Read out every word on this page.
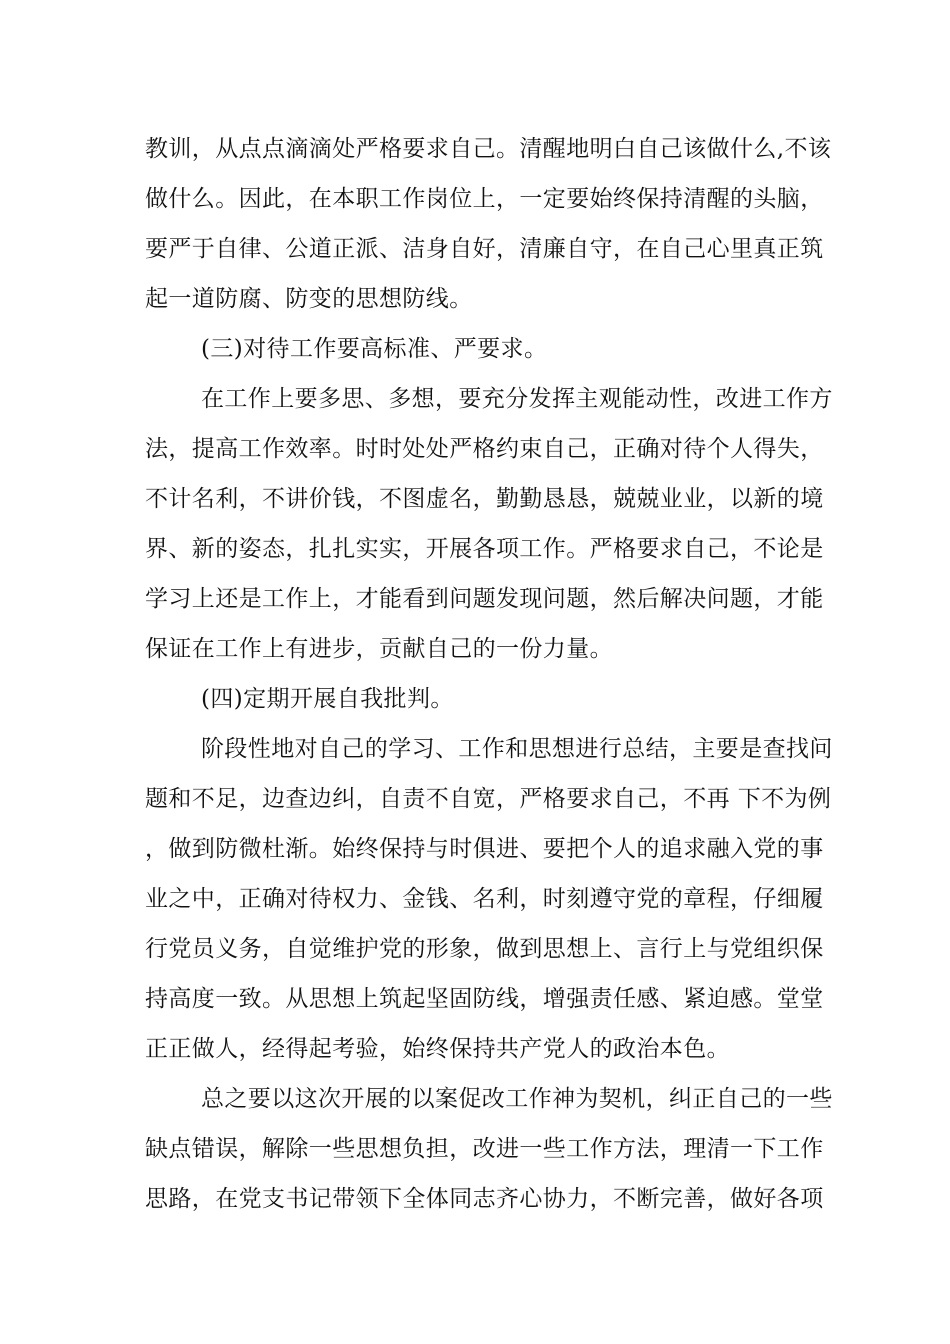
教训，从点点滴滴处严格要求自己。清醒地明白自己该做什么,不该
做什么。因此，在本职工作岗位上，一定要始终保持清醒的头脑，
要严于自律、公道正派、洁身自好，清廉自守，在自己心里真正筑
起一道防腐、防变的思想防线。
(三)对待工作要高标准、严要求。
在工作上要多思、多想，要充分发挥主观能动性，改进工作方
法，提高工作效率。时时处处严格约束自己，正确对待个人得失，
不计名利，不讲价钱，不图虚名，勤勤恳恳，兢兢业业，以新的境
界、新的姿态，扎扎实实，开展各项工作。严格要求自己，不论是
学习上还是工作上，才能看到问题发现问题，然后解决问题，才能
保证在工作上有进步，贡献自己的一份力量。
(四)定期开展自我批判。
阶段性地对自己的学习、工作和思想进行总结，主要是查找问
题和不足，边查边纠，自责不自宽，严格要求自己，不再 下不为例
，做到防微杜渐。始终保持与时俱进、要把个人的追求融入党的事
业之中，正确对待权力、金钱、名利，时刻遵守党的章程，仔细履
行党员义务，自觉维护党的形象，做到思想上、言行上与党组织保
持高度一致。从思想上筑起坚固防线，增强责任感、紧迫感。堂堂
正正做人，经得起考验，始终保持共产党人的政治本色。
总之要以这次开展的以案促改工作神为契机，纠正自己的一些
缺点错误，解除一些思想负担，改进一些工作方法，理清一下工作
思路，在党支书记带领下全体同志齐心协力，不断完善，做好各项
